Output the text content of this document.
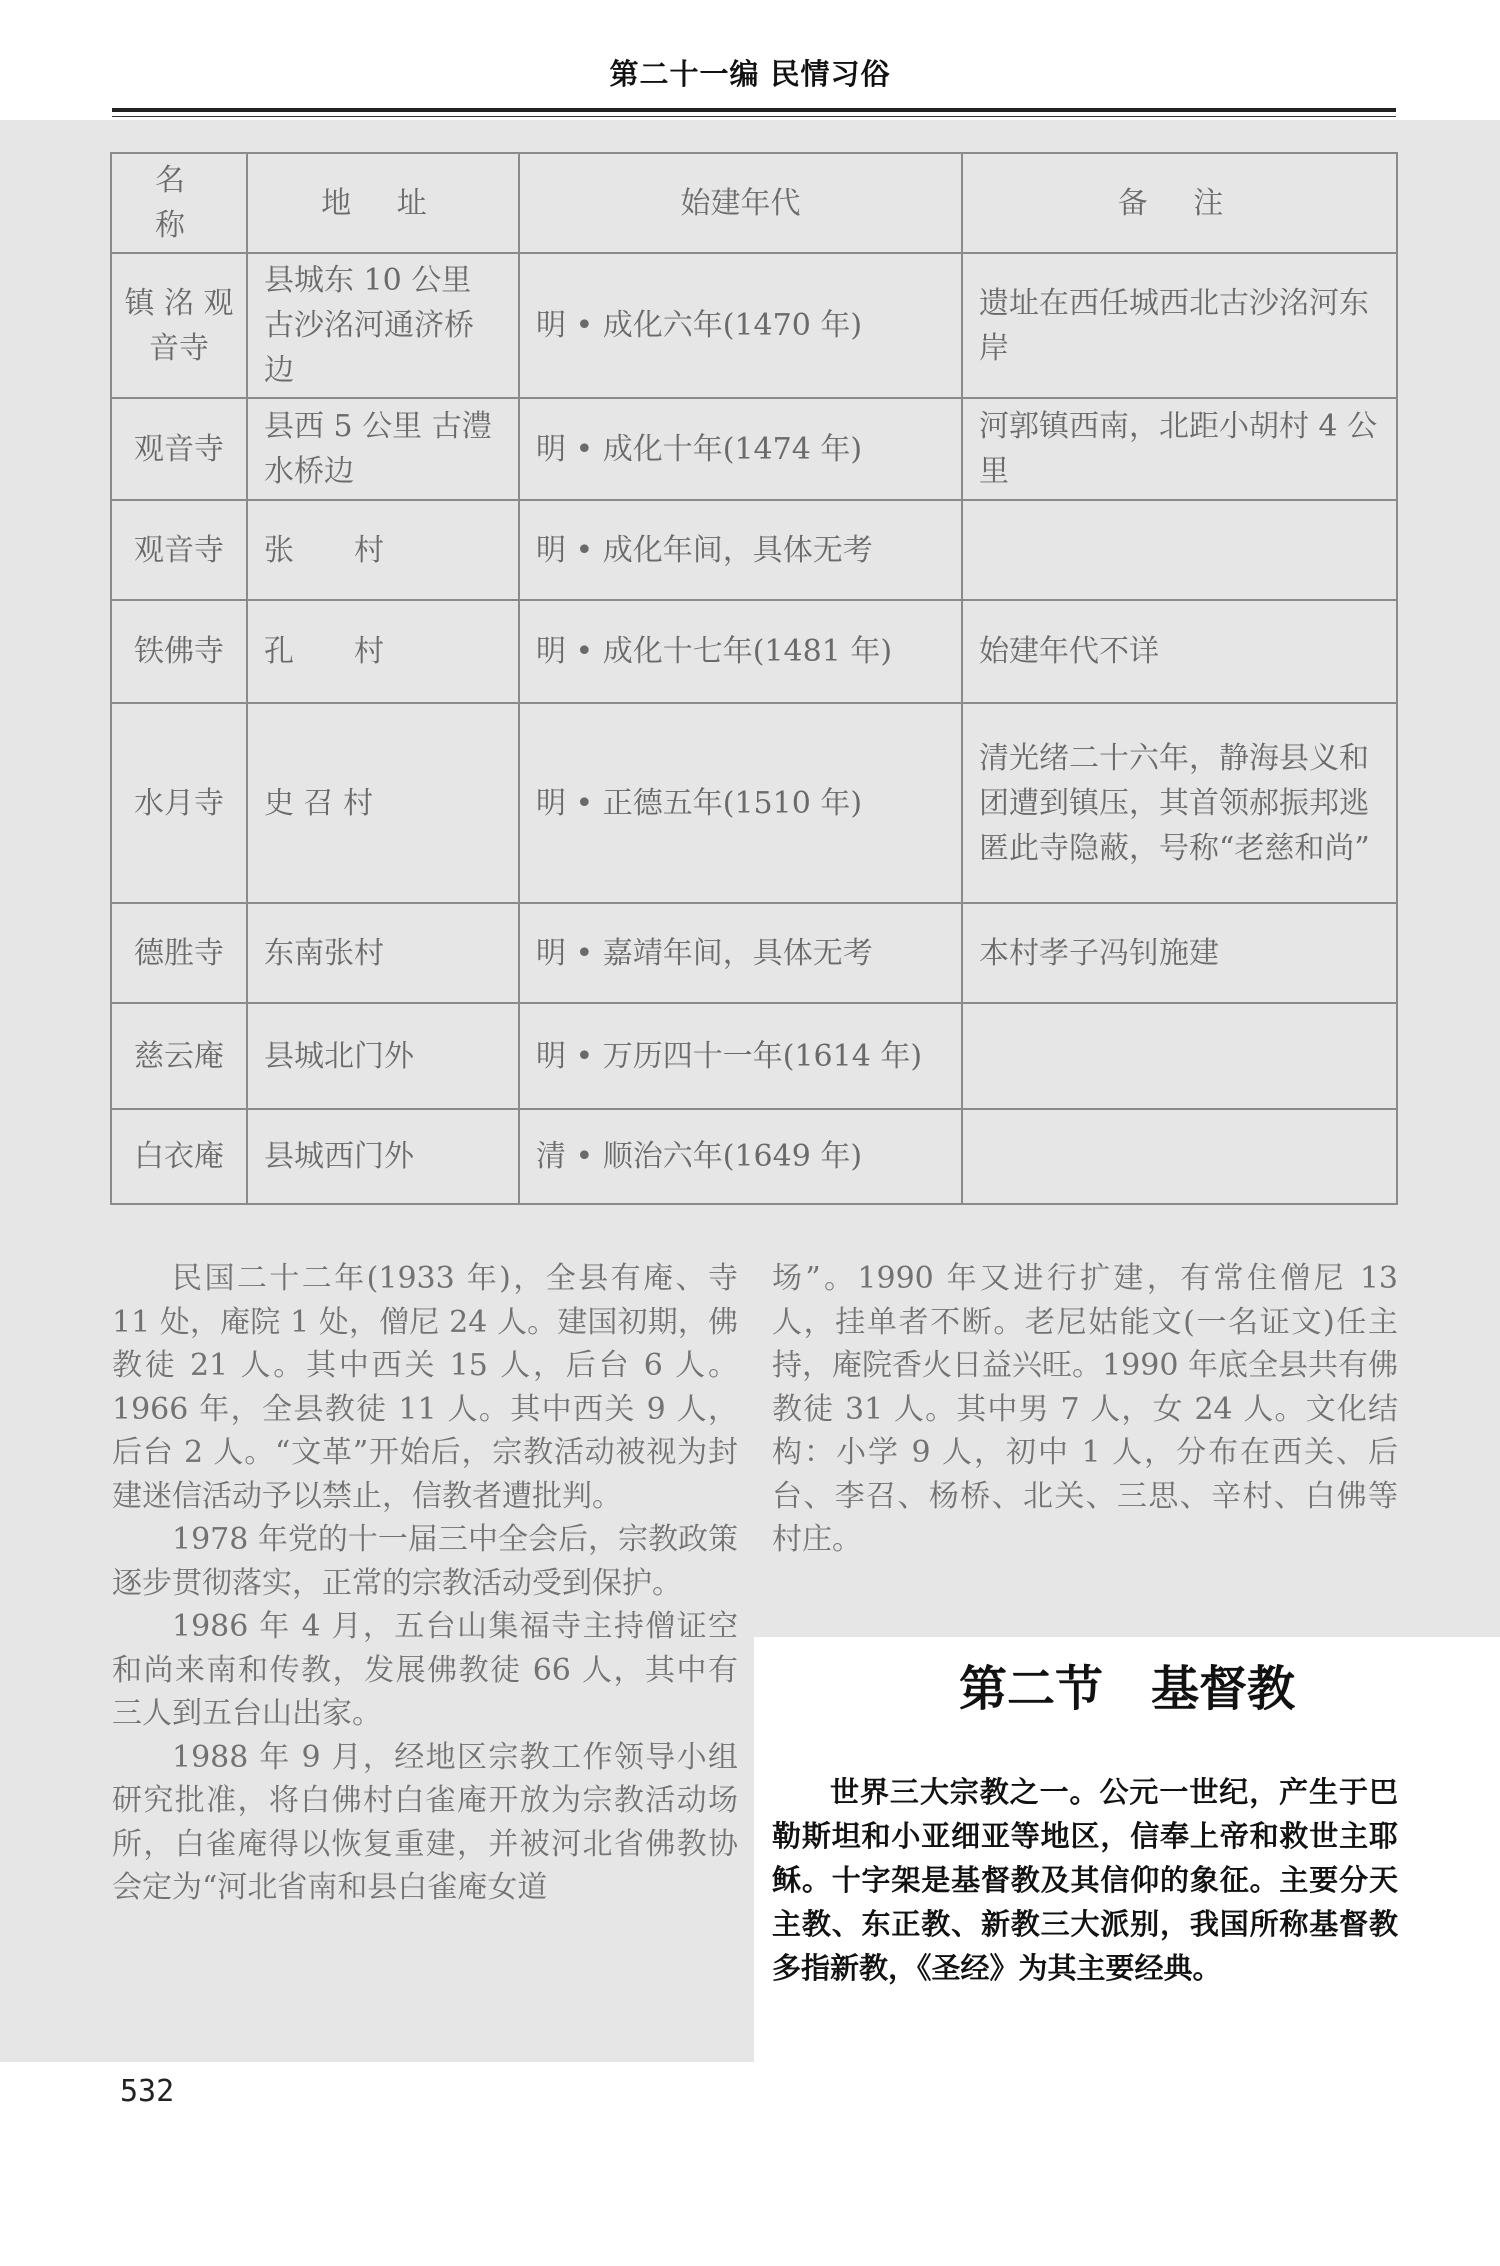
第二十一编 民情习俗
名 称	地 址	始建年代	备 注
镇 洺 观音寺	县城东 10 公里 古沙洺河通济桥边	明 • 成化六年(1470 年)	遗址在西任城西北古沙洺河东岸
观音寺	县西 5 公里 古澧水桥边	明 • 成化十年(1474 年)	河郭镇西南，北距小胡村 4 公里
观音寺	张　　村	明 • 成化年间，具体无考	
铁佛寺	孔　　村	明 • 成化十七年(1481 年)	始建年代不详
水月寺	史 召 村	明 • 正德五年(1510 年)	清光绪二十六年，静海县义和团遭到镇压，其首领郝振邦逃匿此寺隐蔽，号称“老慈和尚”
德胜寺	东南张村	明 • 嘉靖年间，具体无考	本村孝子冯钊施建
慈云庵	县城北门外	明 • 万历四十一年(1614 年)	
白衣庵	县城西门外	清 • 顺治六年(1649 年)	

民国二十二年(1933 年)，全县有庵、寺 11 处，庵院 1 处，僧尼 24 人。建国初期，佛教徒 21 人。其中西关 15 人，后台 6 人。1966 年，全县教徒 11 人。其中西关 9 人，后台 2 人。“文革”开始后，宗教活动被视为封建迷信活动予以禁止，信教者遭批判。

1978 年党的十一届三中全会后，宗教政策逐步贯彻落实，正常的宗教活动受到保护。

1986 年 4 月，五台山集福寺主持僧证空和尚来南和传教，发展佛教徒 66 人，其中有三人到五台山出家。

1988 年 9 月，经地区宗教工作领导小组研究批准，将白佛村白雀庵开放为宗教活动场所，白雀庵得以恢复重建，并被河北省佛教协会定为“河北省南和县白雀庵女道

场”。1990 年又进行扩建，有常住僧尼 13 人，挂单者不断。老尼姑能文(一名证文)任主持，庵院香火日益兴旺。1990 年底全县共有佛教徒 31 人。其中男 7 人，女 24 人。文化结构：小学 9 人，初中 1 人，分布在西关、后台、李召、杨桥、北关、三思、辛村、白佛等村庄。

第二节　基督教

世界三大宗教之一。公元一世纪，产生于巴勒斯坦和小亚细亚等地区，信奉上帝和救世主耶稣。十字架是基督教及其信仰的象征。主要分天主教、东正教、新教三大派别，我国所称基督教多指新教，《圣经》为其主要经典。

532
